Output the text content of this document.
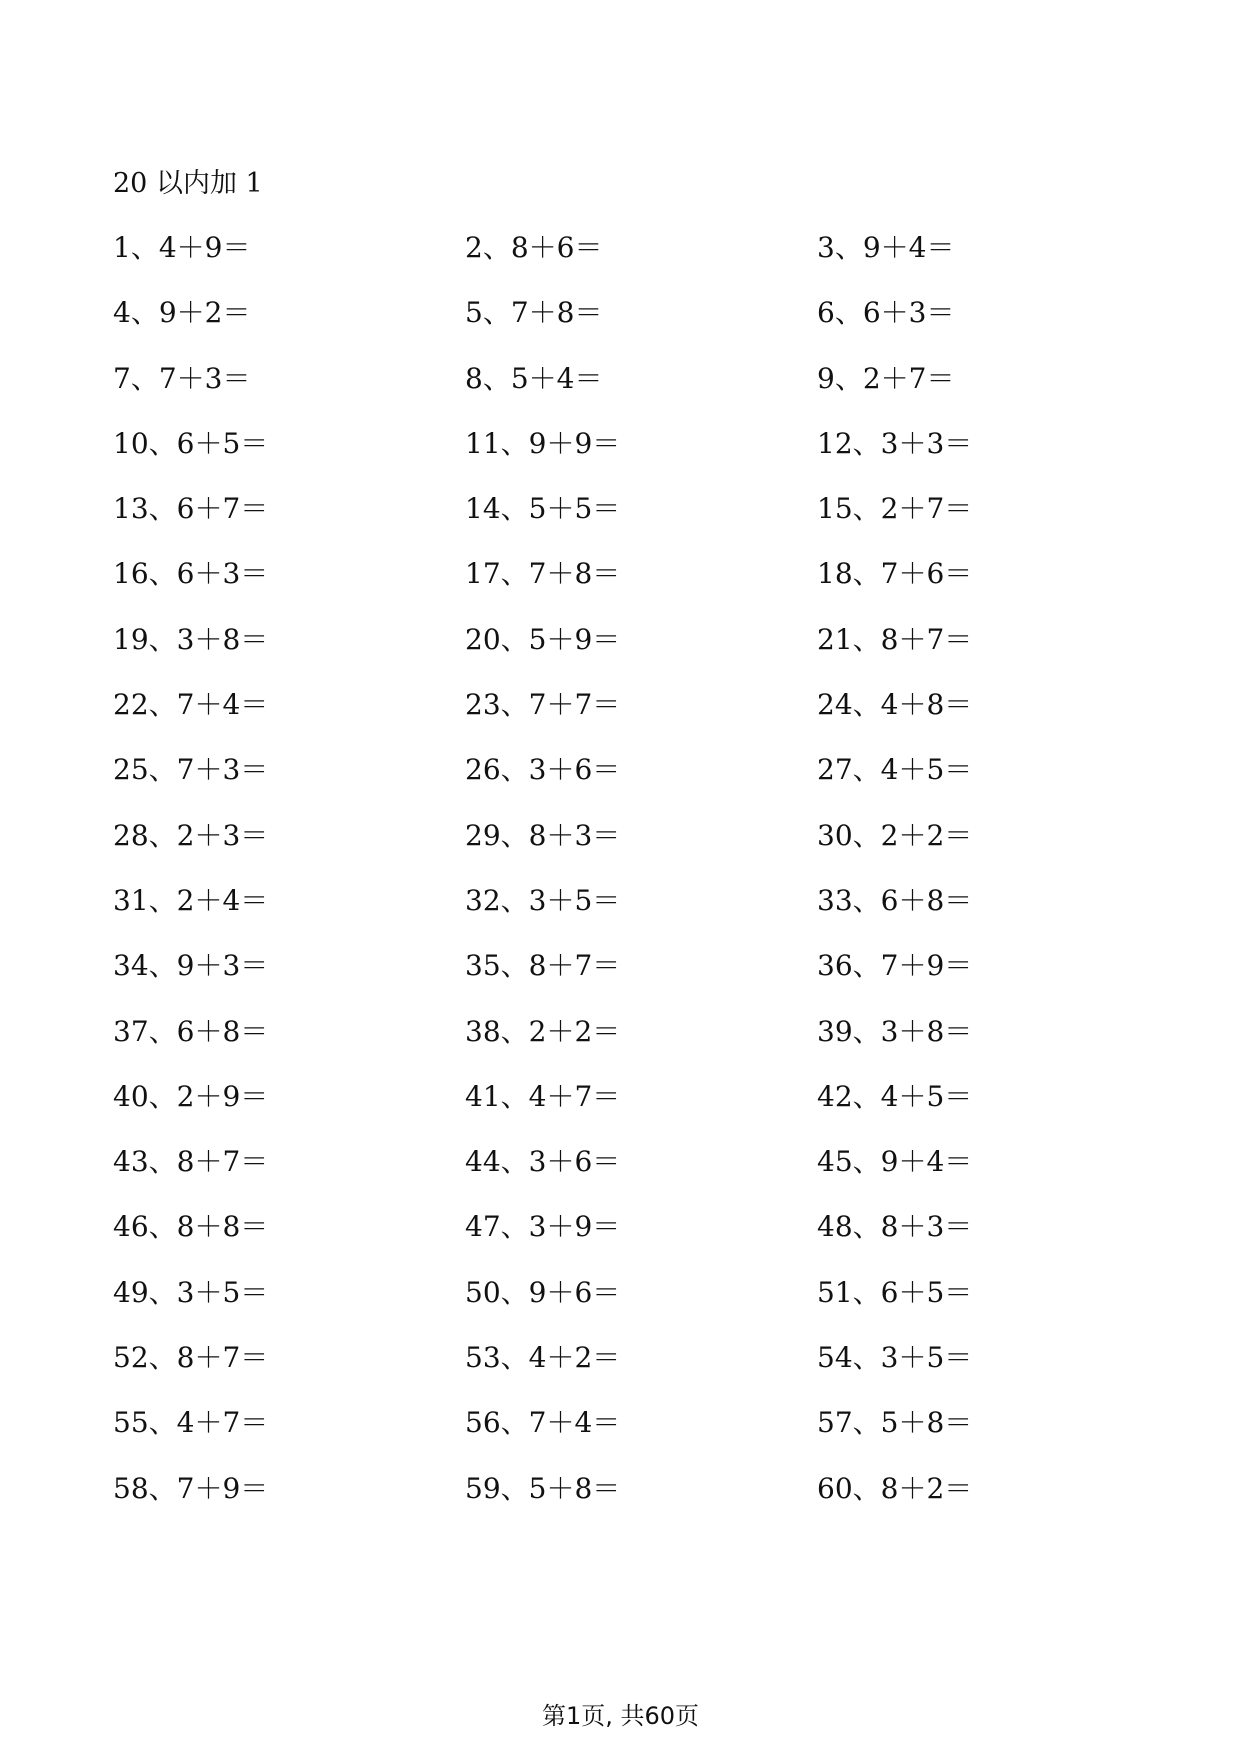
20 以内加 1
1、4＋9＝	2、8＋6＝	3、9＋4＝
4、9＋2＝	5、7＋8＝	6、6＋3＝
7、7＋3＝	8、5＋4＝	9、2＋7＝
10、6＋5＝	11、9＋9＝	12、3＋3＝
13、6＋7＝	14、5＋5＝	15、2＋7＝
16、6＋3＝	17、7＋8＝	18、7＋6＝
19、3＋8＝	20、5＋9＝	21、8＋7＝
22、7＋4＝	23、7＋7＝	24、4＋8＝
25、7＋3＝	26、3＋6＝	27、4＋5＝
28、2＋3＝	29、8＋3＝	30、2＋2＝
31、2＋4＝	32、3＋5＝	33、6＋8＝
34、9＋3＝	35、8＋7＝	36、7＋9＝
37、6＋8＝	38、2＋2＝	39、3＋8＝
40、2＋9＝	41、4＋7＝	42、4＋5＝
43、8＋7＝	44、3＋6＝	45、9＋4＝
46、8＋8＝	47、3＋9＝	48、8＋3＝
49、3＋5＝	50、9＋6＝	51、6＋5＝
52、8＋7＝	53、4＋2＝	54、3＋5＝
55、4＋7＝	56、7＋4＝	57、5＋8＝
58、7＋9＝	59、5＋8＝	60、8＋2＝
第1页, 共60页
